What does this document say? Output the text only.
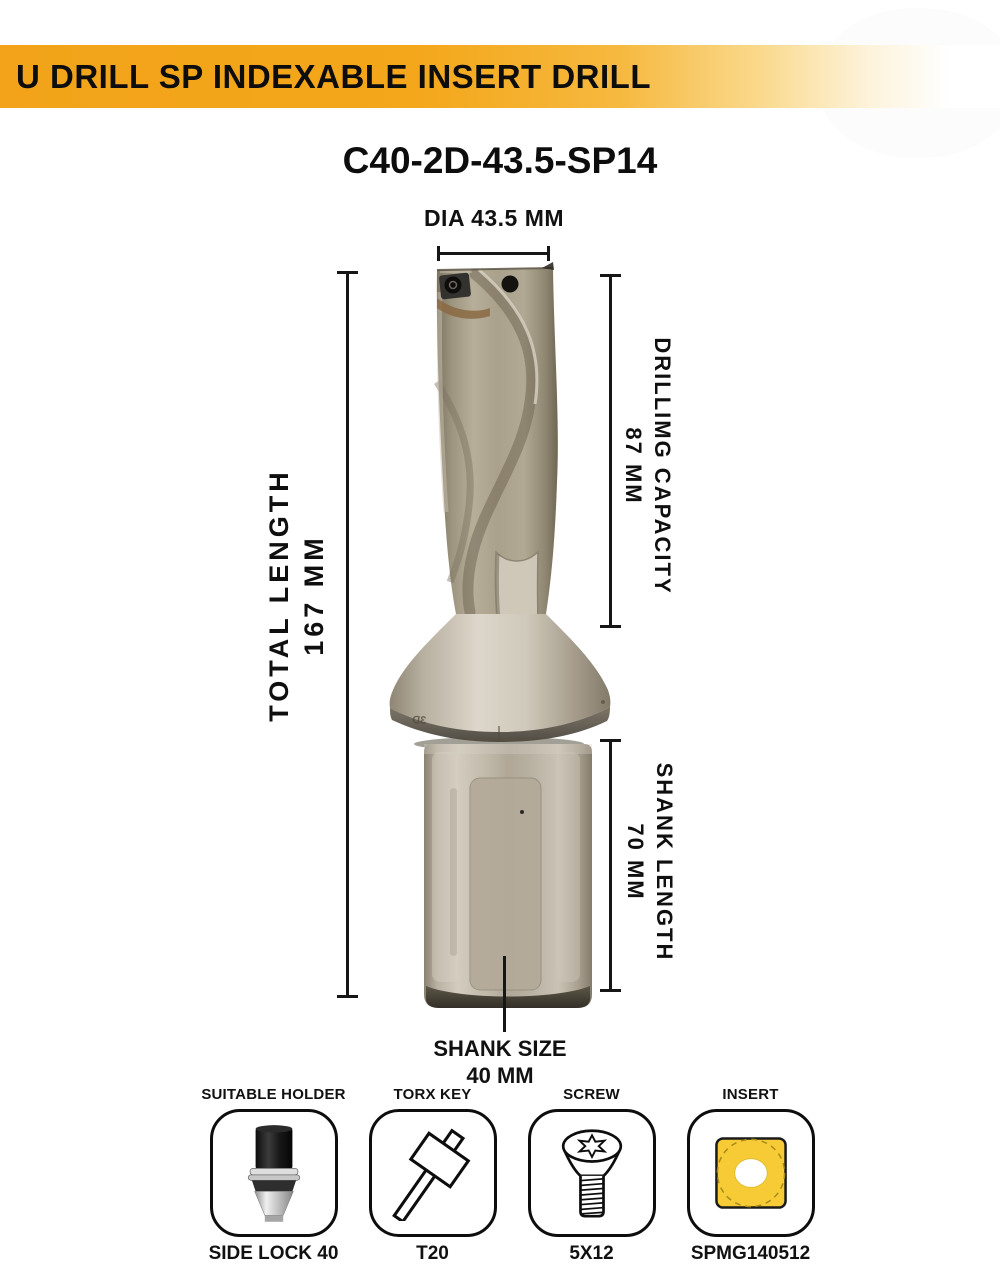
U DRILL SP INDEXABLE INSERT DRILL
C40-2D-43.5-SP14
DIA 43.5 MM
3D
TOTAL LENGTH 167 MM
DRILLIMG CAPACITY
87 MM
SHANK LENGTH
70 MM
SHANK SIZE
40 MM
SUITABLE HOLDER
SIDE LOCK 40
TORX KEY
T20
SCREW
5X12
INSERT
SPMG140512
